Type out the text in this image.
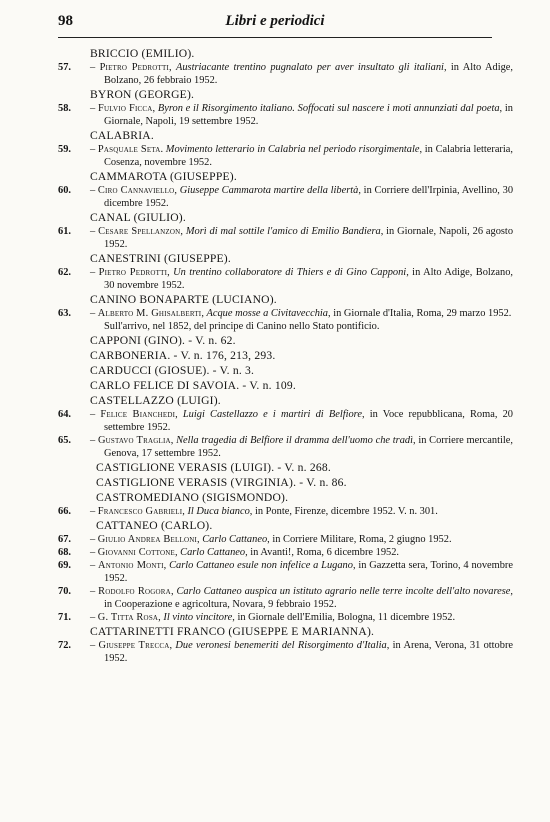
98	Libri e periodici
BRICCIO (EMILIO).
57.	– Pietro Pedrotti, Austriacante trentino pugnalato per aver insultato gli italiani, in Alto Adige, Bolzano, 26 febbraio 1952.
BYRON (GEORGE).
58.	– Fulvio Ficca, Byron e il Risorgimento italiano. Soffocati sul nascere i moti annunziati dal poeta, in Giornale, Napoli, 19 settembre 1952.
CALABRIA.
59.	– Pasquale Seta. Movimento letterario in Calabria nel periodo risorgimentale, in Calabria letteraria, Cosenza, novembre 1952.
CAMMAROTA (GIUSEPPE).
60.	– Ciro Cannaviello, Giuseppe Cammarota martire della libertà, in Corriere dell'Irpinia, Avellino, 30 dicembre 1952.
CANAL (GIULIO).
61.	– Cesare Spellanzon, Morì di mal sottile l'amico di Emilio Bandiera, in Giornale, Napoli, 26 agosto 1952.
CANESTRINI (GIUSEPPE).
62.	– Pietro Pedrotti, Un trentino collaboratore di Thiers e di Gino Capponi, in Alto Adige, Bolzano, 30 novembre 1952.
CANINO BONAPARTE (LUCIANO).
63.	– Alberto M. Ghisalberti, Acque mosse a Civitavecchia, in Giornale d'Italia, Roma, 29 marzo 1952.
Sull'arrivo, nel 1852, del principe di Canino nello Stato pontificio.
CAPPONI (GINO). - V. n. 62.
CARBONERIA. - V. n. 176, 213, 293.
CARDUCCI (GIOSUE). - V. n. 3.
CARLO FELICE DI SAVOIA. - V. n. 109.
CASTELLAZZO (LUIGI).
64.	– Felice Bianchedi, Luigi Castellazzo e i martiri di Belfiore, in Voce repubblicana, Roma, 20 settembre 1952.
65.	– Gustavo Traglia, Nella tragedia di Belfiore il dramma dell'uomo che tradì, in Corriere mercantile, Genova, 17 settembre 1952.
CASTIGLIONE VERASIS (LUIGI). - V. n. 268.
CASTIGLIONE VERASIS (VIRGINIA). - V. n. 86.
CASTROMEDIANO (SIGISMONDO).
66.	– Francesco Gabrieli, Il Duca bianco, in Ponte, Firenze, dicembre 1952. V. n. 301.
CATTANEO (CARLO).
67.	– Giulio Andrea Belloni, Carlo Cattaneo, in Corriere Militare, Roma, 2 giugno 1952.
68.	– Giovanni Cottone, Carlo Cattaneo, in Avanti!, Roma, 6 dicembre 1952.
69.	– Antonio Monti, Carlo Cattaneo esule non infelice a Lugano, in Gazzetta sera, Torino, 4 novembre 1952.
70.	– Rodolfo Rogora, Carlo Cattaneo auspica un istituto agrario nelle terre incolte dell'alto novarese, in Cooperazione e agricoltura, Novara, 9 febbraio 1952.
71.	– G. Titta Rosa, Il vinto vincitore, in Giornale dell'Emilia, Bologna, 11 dicembre 1952.
CATTARINETTI FRANCO (GIUSEPPE E MARIANNA).
72.	– Giuseppe Trecca, Due veronesi benemeriti del Risorgimento d'Italia, in Arena, Verona, 31 ottobre 1952.
